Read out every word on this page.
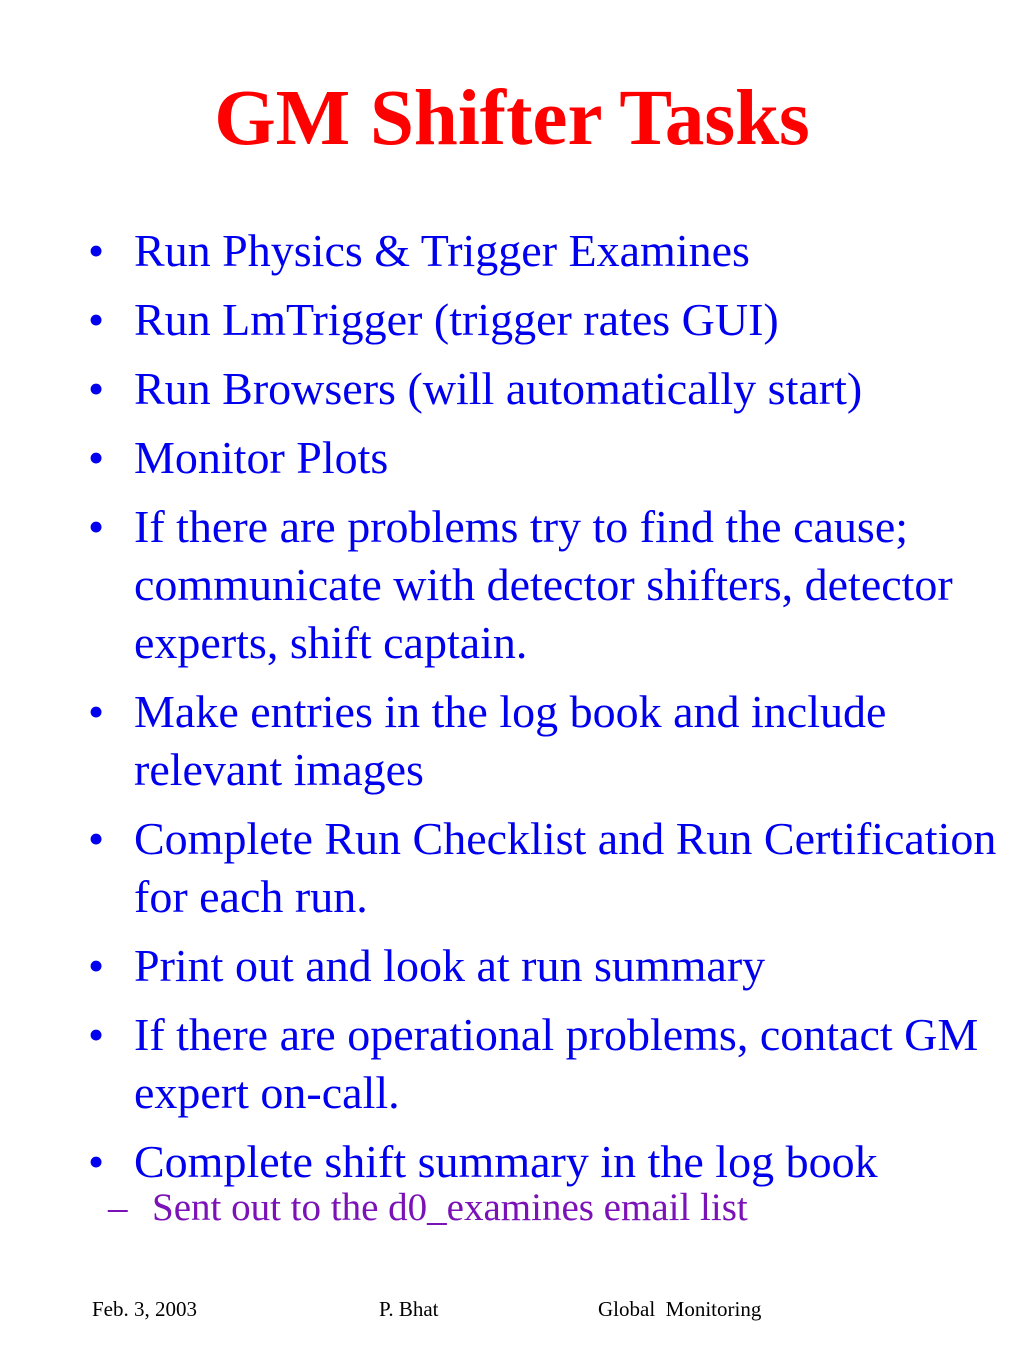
GM Shifter Tasks
• Run Physics & Trigger Examines
• Run LmTrigger (trigger rates GUI)
• Run Browsers (will automatically start)
• Monitor Plots
• If there are problems try to find the cause; communicate with detector shifters, detector experts, shift captain.
• Make entries in the log book and include relevant images
• Complete Run Checklist and Run Certification for each run.
• Print out and look at run summary
• If there are operational problems, contact GM expert on-call.
• Complete shift summary in the log book
– Sent out to the d0_examines email list
Feb. 3, 2003	P. Bhat	Global  Monitoring
